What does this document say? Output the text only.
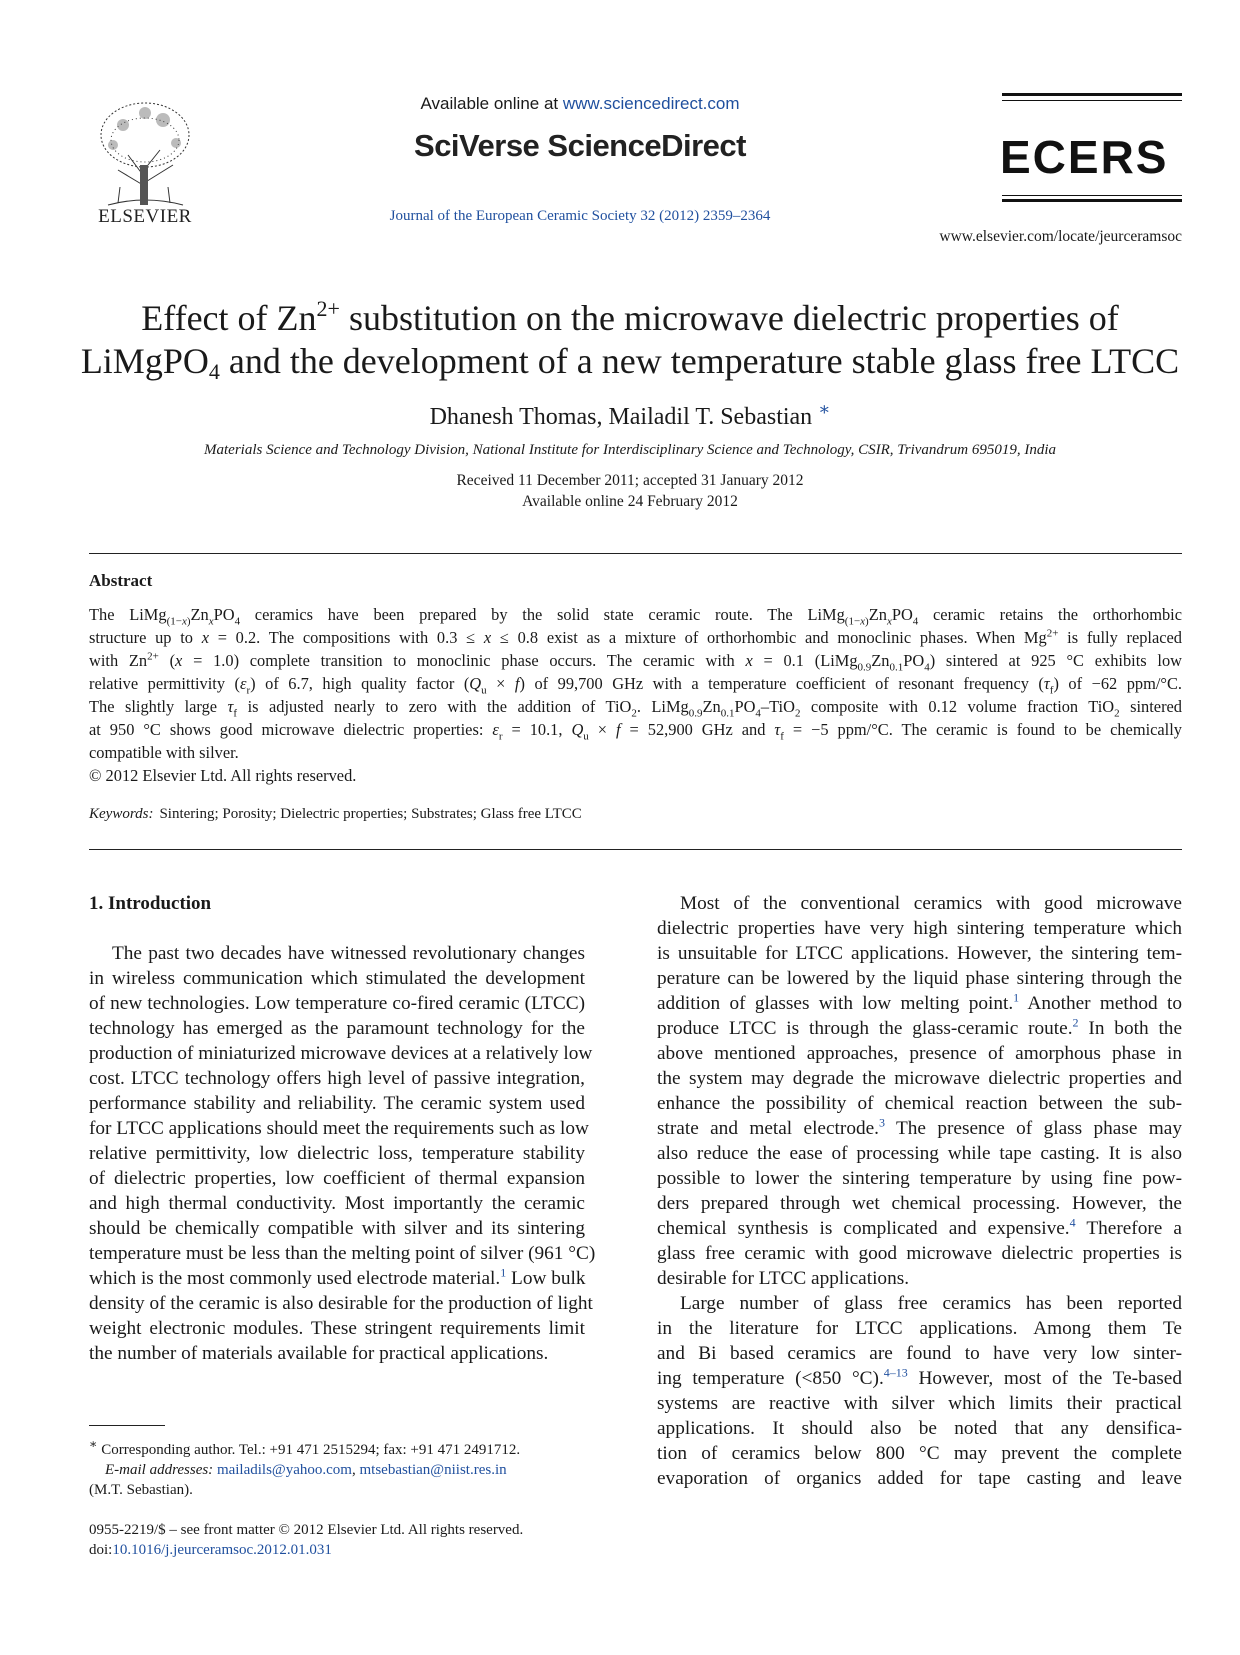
ELSEVIER
Available online at www.sciencedirect.com
SciVerse ScienceDirect
Journal of the European Ceramic Society 32 (2012) 2359–2364
ECERS
www.elsevier.com/locate/jeurceramsoc
Effect of $Zn^{2+}$ substitution on the microwave dielectric properties of
LiMgPO$_4$ and the development of a new temperature stable glass free LTCC
Dhanesh Thomas, Mailadil T. Sebastian ∗
Materials Science and Technology Division, National Institute for Interdisciplinary Science and Technology, CSIR, Trivandrum 695019, India
Received 11 December 2011; accepted 31 January 2012
Available online 24 February 2012
Abstract
The $LiMg_{(1-x)}Zn_xPO_4$ ceramics have been prepared by the solid state ceramic route. The $LiMg_{(1-x)}Zn_xPO_4$ ceramic retains the orthorhombic
structure up to x = 0.2. The compositions with 0.3 ≤ x ≤ 0.8 exist as a mixture of orthorhombic and monoclinic phases. When $Mg^{2+}$ is fully replaced
with $Zn^{2+}$ (x = 1.0) complete transition to monoclinic phase occurs. The ceramic with x = 0.1 $(LiMg_{0.9}Zn_{0.1}PO_4)$ sintered at 925 °C exhibits low
relative permittivity $(\varepsilon_r)$ of 6.7, high quality factor $(Q_u \times f)$ of 99,700 GHz with a temperature coefficient of resonant frequency $(\tau_f)$ of −62 ppm/°C.
The slightly large $\tau_f$ is adjusted nearly to zero with the addition of TiO$_2$. $LiMg_{0.9}Zn_{0.1}PO_4-TiO_2$ composite with 0.12 volume fraction TiO$_2$ sintered
at 950 °C shows good microwave dielectric properties: $\varepsilon_r = 10.1$, $Q_u \times f = 52,900$ GHz and $\tau_f = -5$ ppm/°C. The ceramic is found to be chemically
compatible with silver.
© 2012 Elsevier Ltd. All rights reserved.
Keywords: Sintering; Porosity; Dielectric properties; Substrates; Glass free LTCC
1. Introduction
The past two decades have witnessed revolutionary changes
in wireless communication which stimulated the development
of new technologies. Low temperature co-fired ceramic (LTCC)
technology has emerged as the paramount technology for the
production of miniaturized microwave devices at a relatively low
cost. LTCC technology offers high level of passive integration,
performance stability and reliability. The ceramic system used
for LTCC applications should meet the requirements such as low
relative permittivity, low dielectric loss, temperature stability
of dielectric properties, low coefficient of thermal expansion
and high thermal conductivity. Most importantly the ceramic
should be chemically compatible with silver and its sintering
temperature must be less than the melting point of silver (961 °C)
which is the most commonly used electrode material.$^1$ Low bulk
density of the ceramic is also desirable for the production of light
weight electronic modules. These stringent requirements limit
the number of materials available for practical applications.
Most of the conventional ceramics with good microwave
dielectric properties have very high sintering temperature which
is unsuitable for LTCC applications. However, the sintering tem-
perature can be lowered by the liquid phase sintering through the
addition of glasses with low melting point.$^1$ Another method to
produce LTCC is through the glass-ceramic route.$^2$ In both the
above mentioned approaches, presence of amorphous phase in
the system may degrade the microwave dielectric properties and
enhance the possibility of chemical reaction between the sub-
strate and metal electrode.$^3$ The presence of glass phase may
also reduce the ease of processing while tape casting. It is also
possible to lower the sintering temperature by using fine pow-
ders prepared through wet chemical processing. However, the
chemical synthesis is complicated and expensive.$^4$ Therefore a
glass free ceramic with good microwave dielectric properties is
desirable for LTCC applications.
Large number of glass free ceramics has been reported
in the literature for LTCC applications. Among them Te
and Bi based ceramics are found to have very low sinter-
ing temperature (<850 °C).$^{4-13}$ However, most of the Te-based
systems are reactive with silver which limits their practical
applications. It should also be noted that any densifica-
tion of ceramics below 800 °C may prevent the complete
evaporation of organics added for tape casting and leave
∗ Corresponding author. Tel.: +91 471 2515294; fax: +91 471 2491712.
E-mail addresses: mailadils@yahoo.com, mtsebastian@niist.res.in
(M.T. Sebastian).
0955-2219/$ – see front matter © 2012 Elsevier Ltd. All rights reserved.
doi:10.1016/j.jeurceramsoc.2012.01.031
